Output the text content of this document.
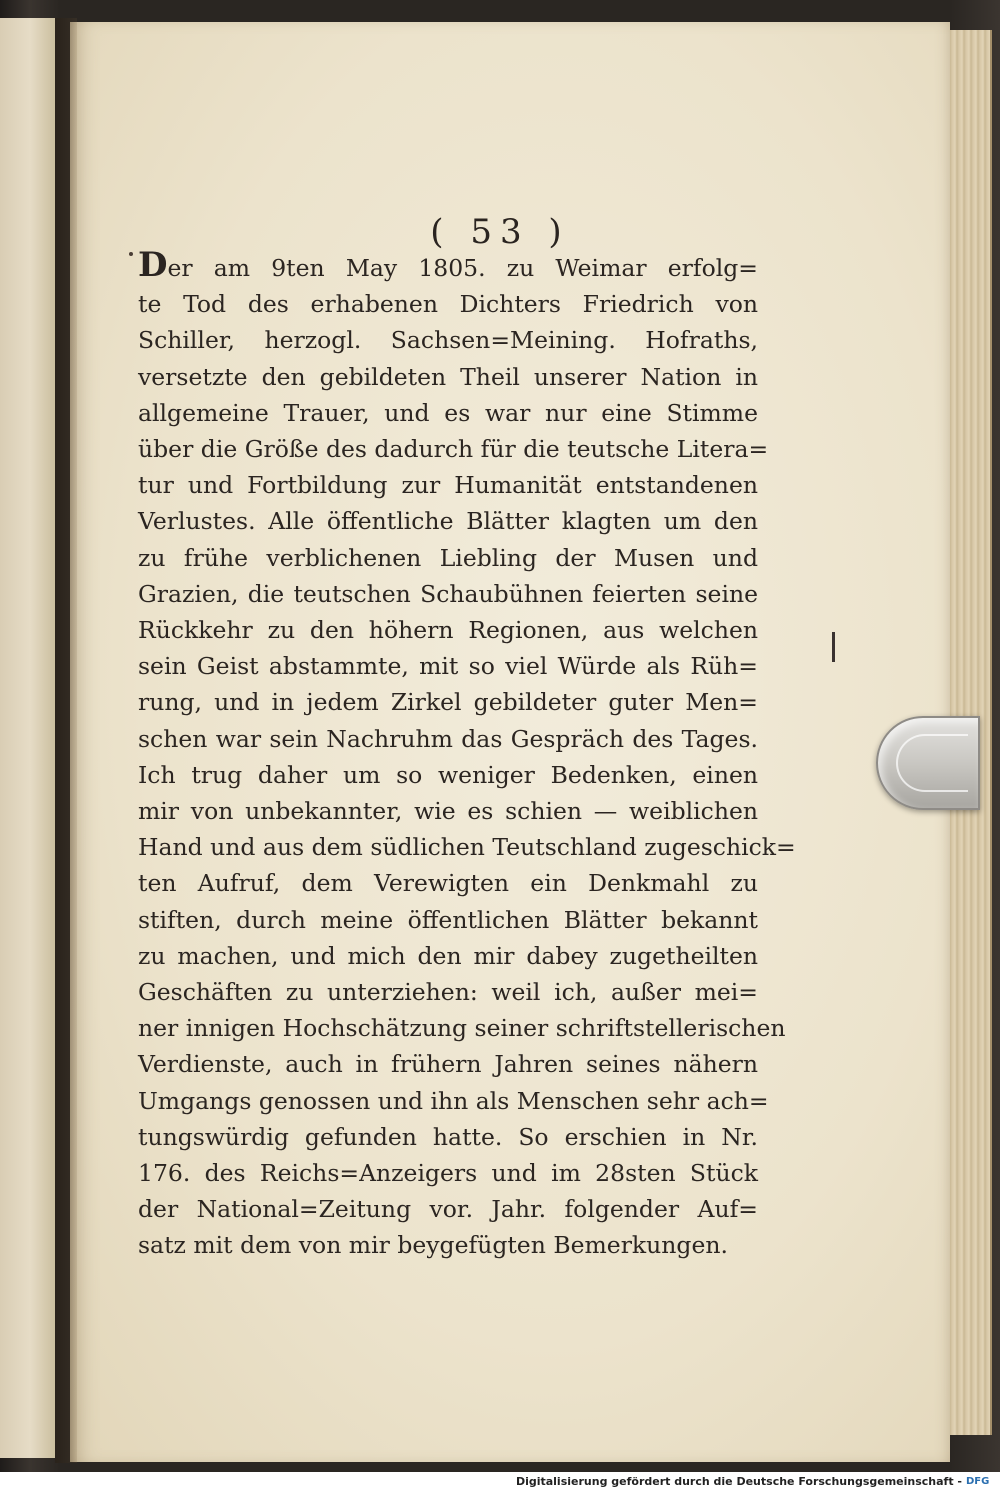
( 53 )
Der am 9ten May 1805. zu Weimar erfolg=
te Tod des erhabenen Dichters Friedrich von
Schiller, herzogl. Sachsen=Meining. Hofraths,
versetzte den gebildeten Theil unserer Nation in
allgemeine Trauer, und es war nur eine Stimme
über die Größe des dadurch für die teutsche Litera=
tur und Fortbildung zur Humanität entstandenen
Verlustes. Alle öffentliche Blätter klagten um den
zu frühe verblichenen Liebling der Musen und
Grazien, die teutschen Schaubühnen feierten seine
Rückkehr zu den höhern Regionen, aus welchen
sein Geist abstammte, mit so viel Würde als Rüh=
rung, und in jedem Zirkel gebildeter guter Men=
schen war sein Nachruhm das Gespräch des Tages.
Ich trug daher um so weniger Bedenken, einen
mir von unbekannter, wie es schien — weiblichen
Hand und aus dem südlichen Teutschland zugeschick=
ten Aufruf, dem Verewigten ein Denkmahl zu
stiften, durch meine öffentlichen Blätter bekannt
zu machen, und mich den mir dabey zugetheilten
Geschäften zu unterziehen: weil ich, außer mei=
ner innigen Hochschätzung seiner schriftstellerischen
Verdienste, auch in frühern Jahren seines nähern
Umgangs genossen und ihn als Menschen sehr ach=
tungswürdig gefunden hatte. So erschien in Nr.
176. des Reichs=Anzeigers und im 28sten Stück
der National=Zeitung vor. Jahr. folgender Auf=
satz mit dem von mir beygefügten Bemerkungen.
Digitalisierung gefördert durch die Deutsche Forschungsgemeinschaft - DFG
